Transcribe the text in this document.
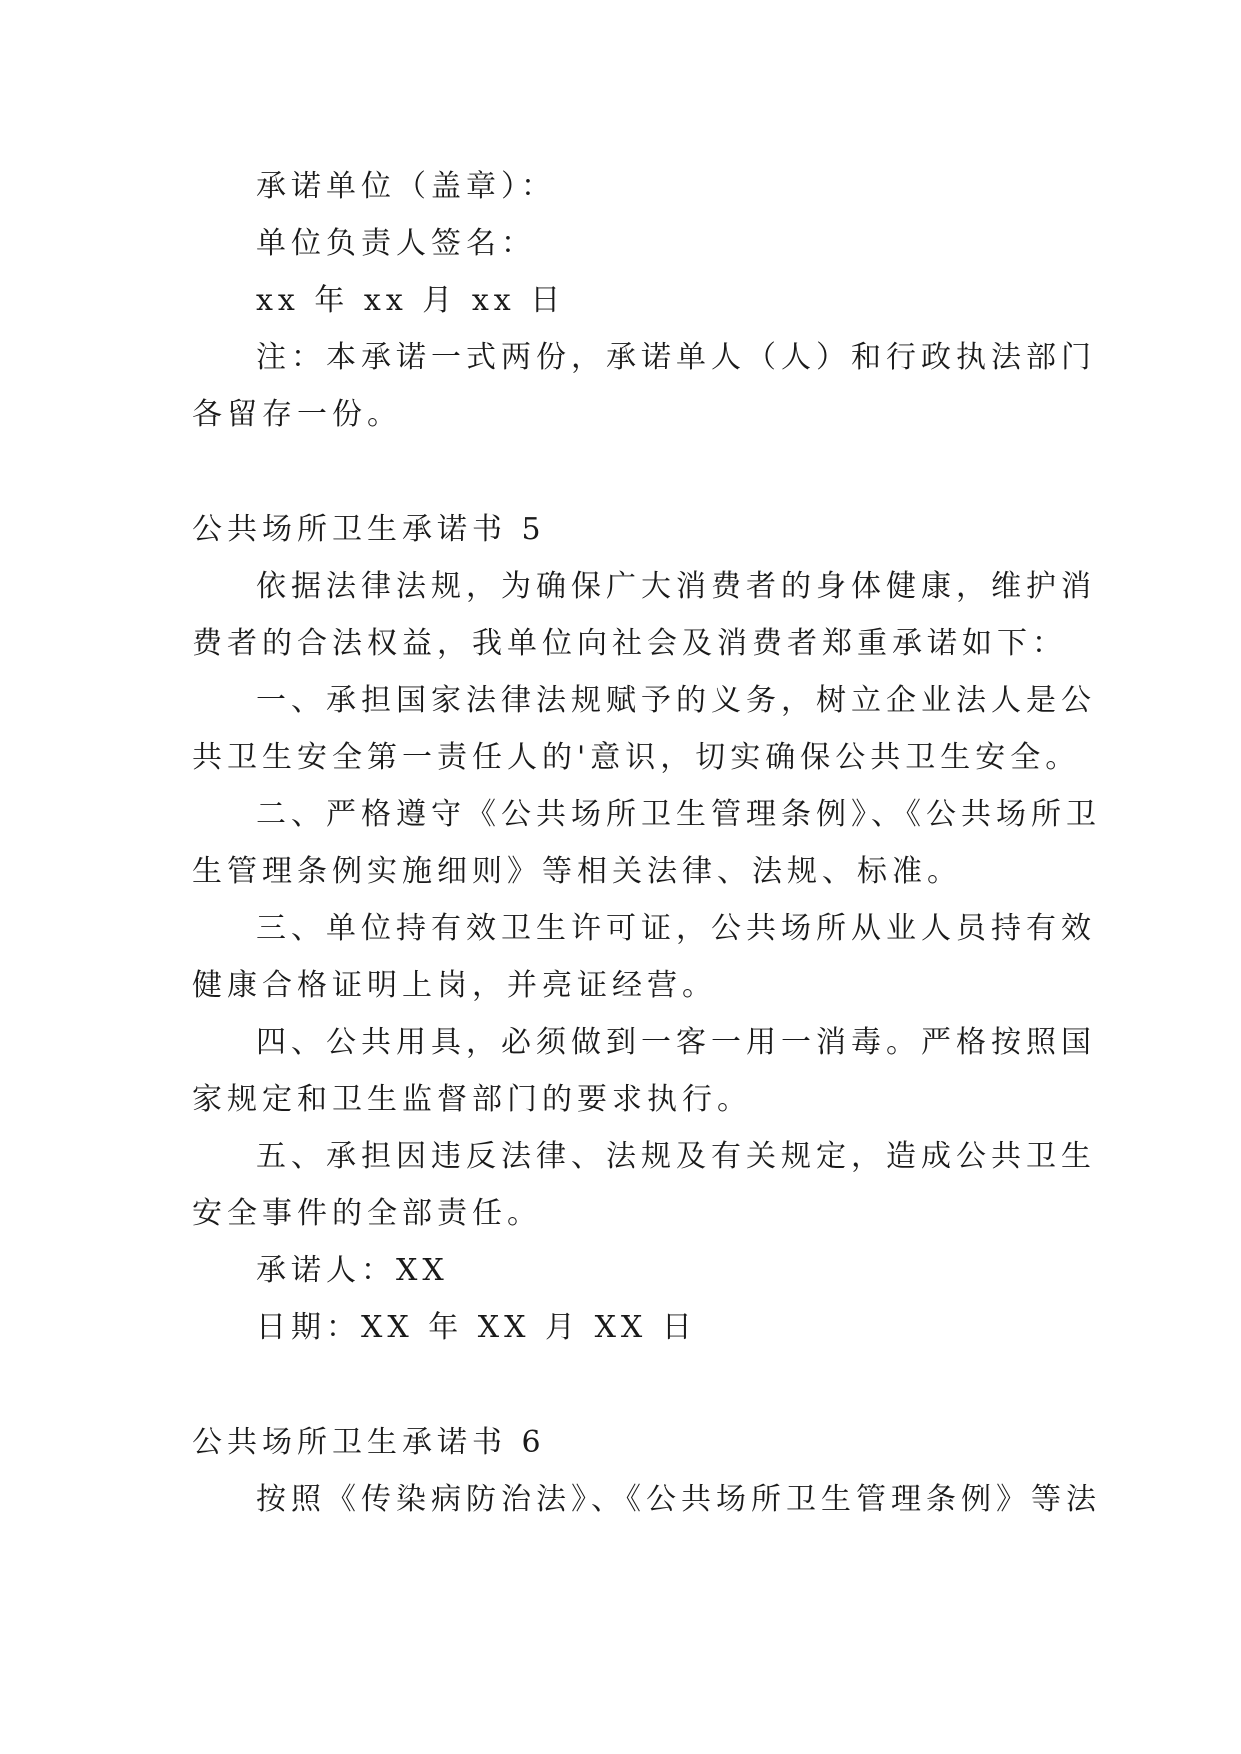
承诺单位（盖章）：
单位负责人签名：
xx 年 xx 月 xx 日
注：本承诺一式两份，承诺单人（人）和行政执法部门
各留存一份。
公共场所卫生承诺书 5
依据法律法规，为确保广大消费者的身体健康，维护消
费者的合法权益，我单位向社会及消费者郑重承诺如下：
一、承担国家法律法规赋予的义务，树立企业法人是公
共卫生安全第一责任人的'意识，切实确保公共卫生安全。
二、严格遵守《公共场所卫生管理条例》、《公共场所卫
生管理条例实施细则》等相关法律、法规、标准。
三、单位持有效卫生许可证，公共场所从业人员持有效
健康合格证明上岗，并亮证经营。
四、公共用具，必须做到一客一用一消毒。严格按照国
家规定和卫生监督部门的要求执行。
五、承担因违反法律、法规及有关规定，造成公共卫生
安全事件的全部责任。
承诺人：XX
日期：XX 年 XX 月 XX 日
公共场所卫生承诺书 6
按照《传染病防治法》、《公共场所卫生管理条例》等法
